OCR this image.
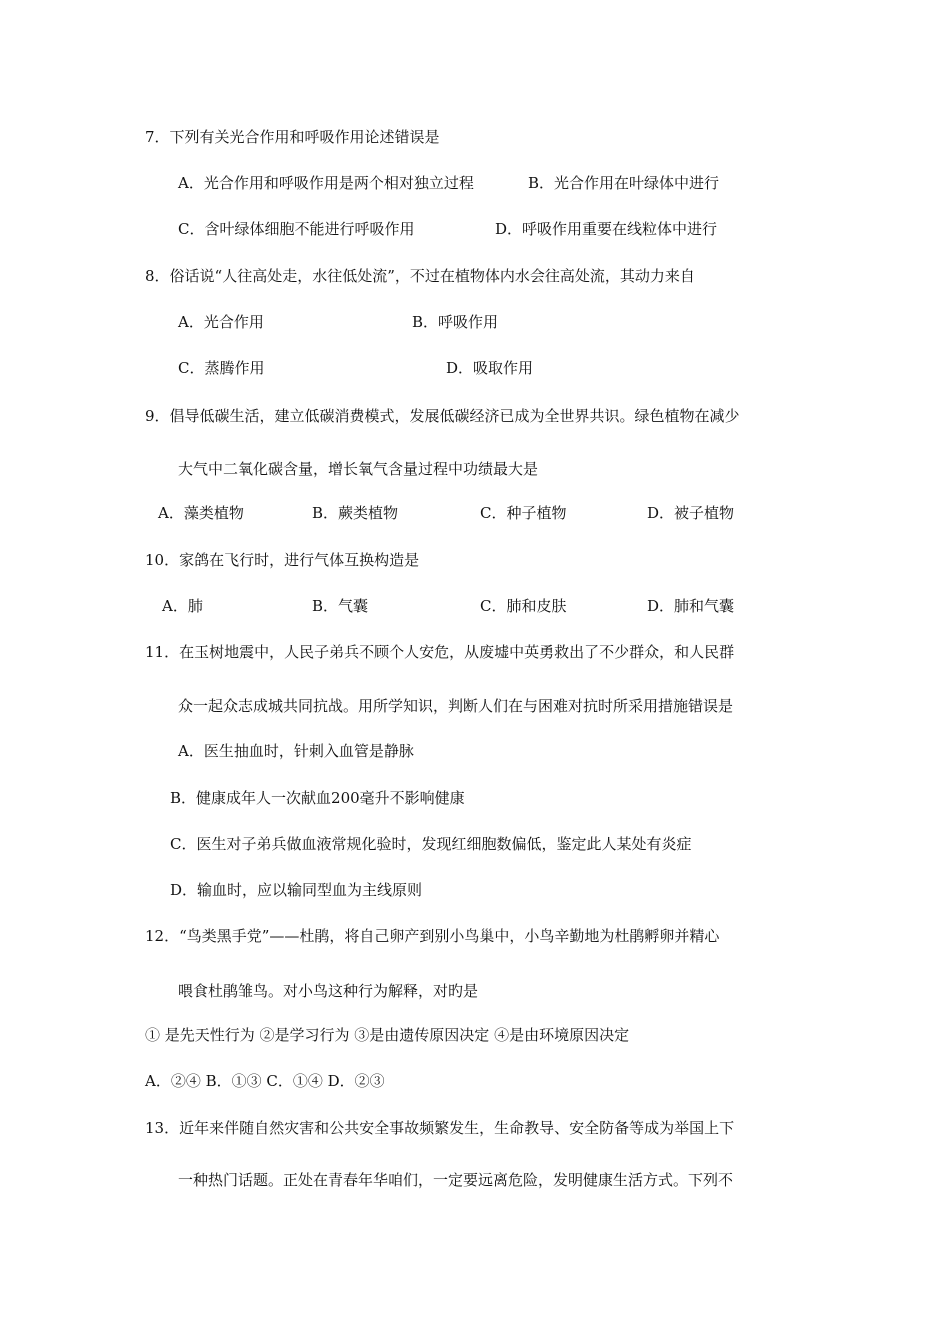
7．下列有关光合作用和呼吸作用论述错误是
A．光合作用和呼吸作用是两个相对独立过程	B．光合作用在叶绿体中进行
C．含叶绿体细胞不能进行呼吸作用	D．呼吸作用重要在线粒体中进行
8．俗话说“人往高处走，水往低处流”，不过在植物体内水会往高处流，其动力来自
A．光合作用	B．呼吸作用
C．蒸腾作用	D．吸取作用
9．倡导低碳生活，建立低碳消费模式，发展低碳经济已成为全世界共识。绿色植物在减少
大气中二氧化碳含量，增长氧气含量过程中功绩最大是
A．藻类植物	B．蕨类植物	C．种子植物	D．被子植物
10．家鸽在飞行时，进行气体互换构造是
A．肺	B．气囊	C．肺和皮肤	D．肺和气囊
11．在玉树地震中，人民子弟兵不顾个人安危，从废墟中英勇救出了不少群众，和人民群
众一起众志成城共同抗战。用所学知识，判断人们在与困难对抗时所采用措施错误是
A．医生抽血时，针刺入血管是静脉
B．健康成年人一次献血200毫升不影响健康
C．医生对子弟兵做血液常规化验时，发现红细胞数偏低，鉴定此人某处有炎症
D．输血时，应以输同型血为主线原则
12．“鸟类黑手党”——杜鹃，将自己卵产到别小鸟巢中，小鸟辛勤地为杜鹃孵卵并精心
喂食杜鹃雏鸟。对小鸟这种行为解释，对旳是
① 是先天性行为 ②是学习行为 ③是由遗传原因决定 ④是由环境原因决定
A．②④ B．①③ C．①④ D．②③
13．近年来伴随自然灾害和公共安全事故频繁发生，生命教导、安全防备等成为举国上下
一种热门话题。正处在青春年华咱们，一定要远离危险，发明健康生活方式。下列不
